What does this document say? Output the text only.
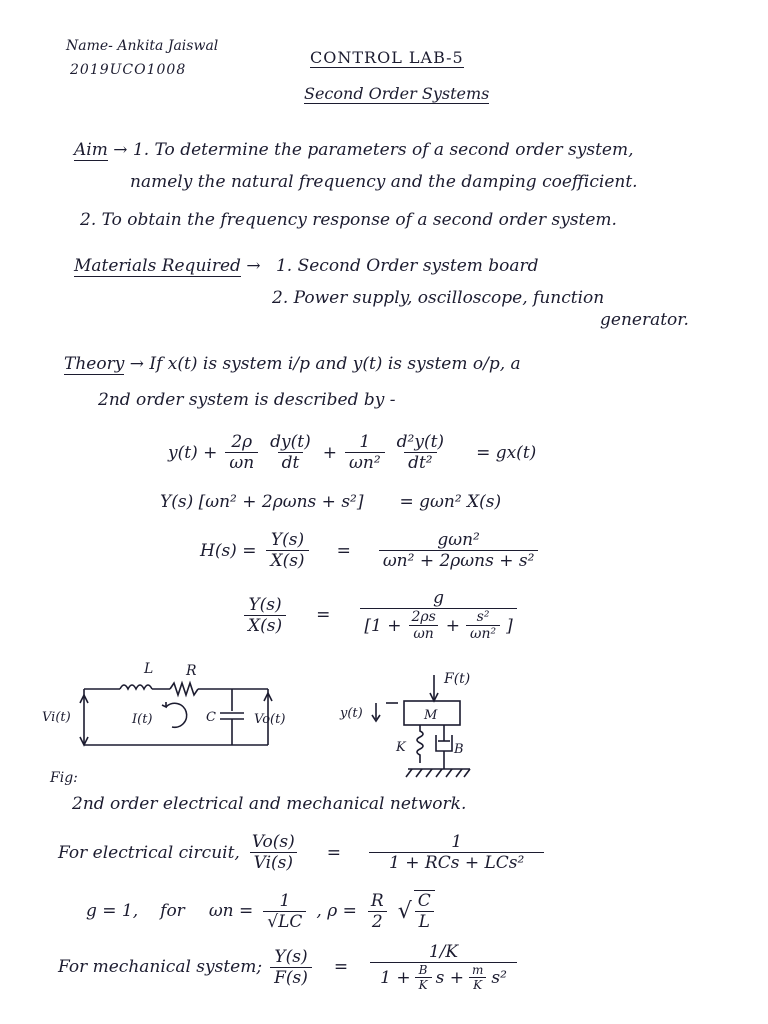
Name- Ankita Jaiswal
2019UCO1008
CONTROL LAB-5
Second Order Systems
Aim → 1. To determine the parameters of a second order system,
namely the natural frequency and the damping coefficient.
2. To obtain the frequency response of a second order system.
Materials Required → 1. Second Order system board
2. Power supply, oscilloscope, function
generator.
Theory → If x(t) is system i/p and y(t) is system o/p, a
2nd order system is described by -
$y(t) + \frac{2\rho}{\omega n} \frac{dy(t)}{dt} + \frac{1}{\text{ωn²}} \frac{\text{d²y(t)}}{\text{dt²}} = gx(t)$
Y(s) [ωn² + 2ρωns + s²] = gωn² X(s)
$H(s) = \frac{Y(s)}{X(s)} = \frac{\text{gωn²}}{\text{ωn² + 2ρωns + s²}}$
$\frac{Y(s)}{X(s)} = \frac{g}{[1 + \frac{2\rho s}{\omega n} + \frac{\text{s²}}{\text{ωn²}} ]}$
L R
Vi(t)	I(t)	C	Vo(t)	y(t)
F(t)
M
K	B
Fig:
2nd order electrical and mechanical network.
For electrical circuit, $\frac{Vo(s)}{Vi(s)} = \frac{1}{\text{1 + RCs + LCs²}}$
g = 1, for $\omega n = \frac{1}{√LC}$ , $\rho = \frac{R}{2}$ √ $\frac{C}{L}$
For mechanical system; $\frac{Y(s)}{F(s)} = \frac{1/K}{1 + \frac{B}{K} s + \frac{m}{K} s^2}$
